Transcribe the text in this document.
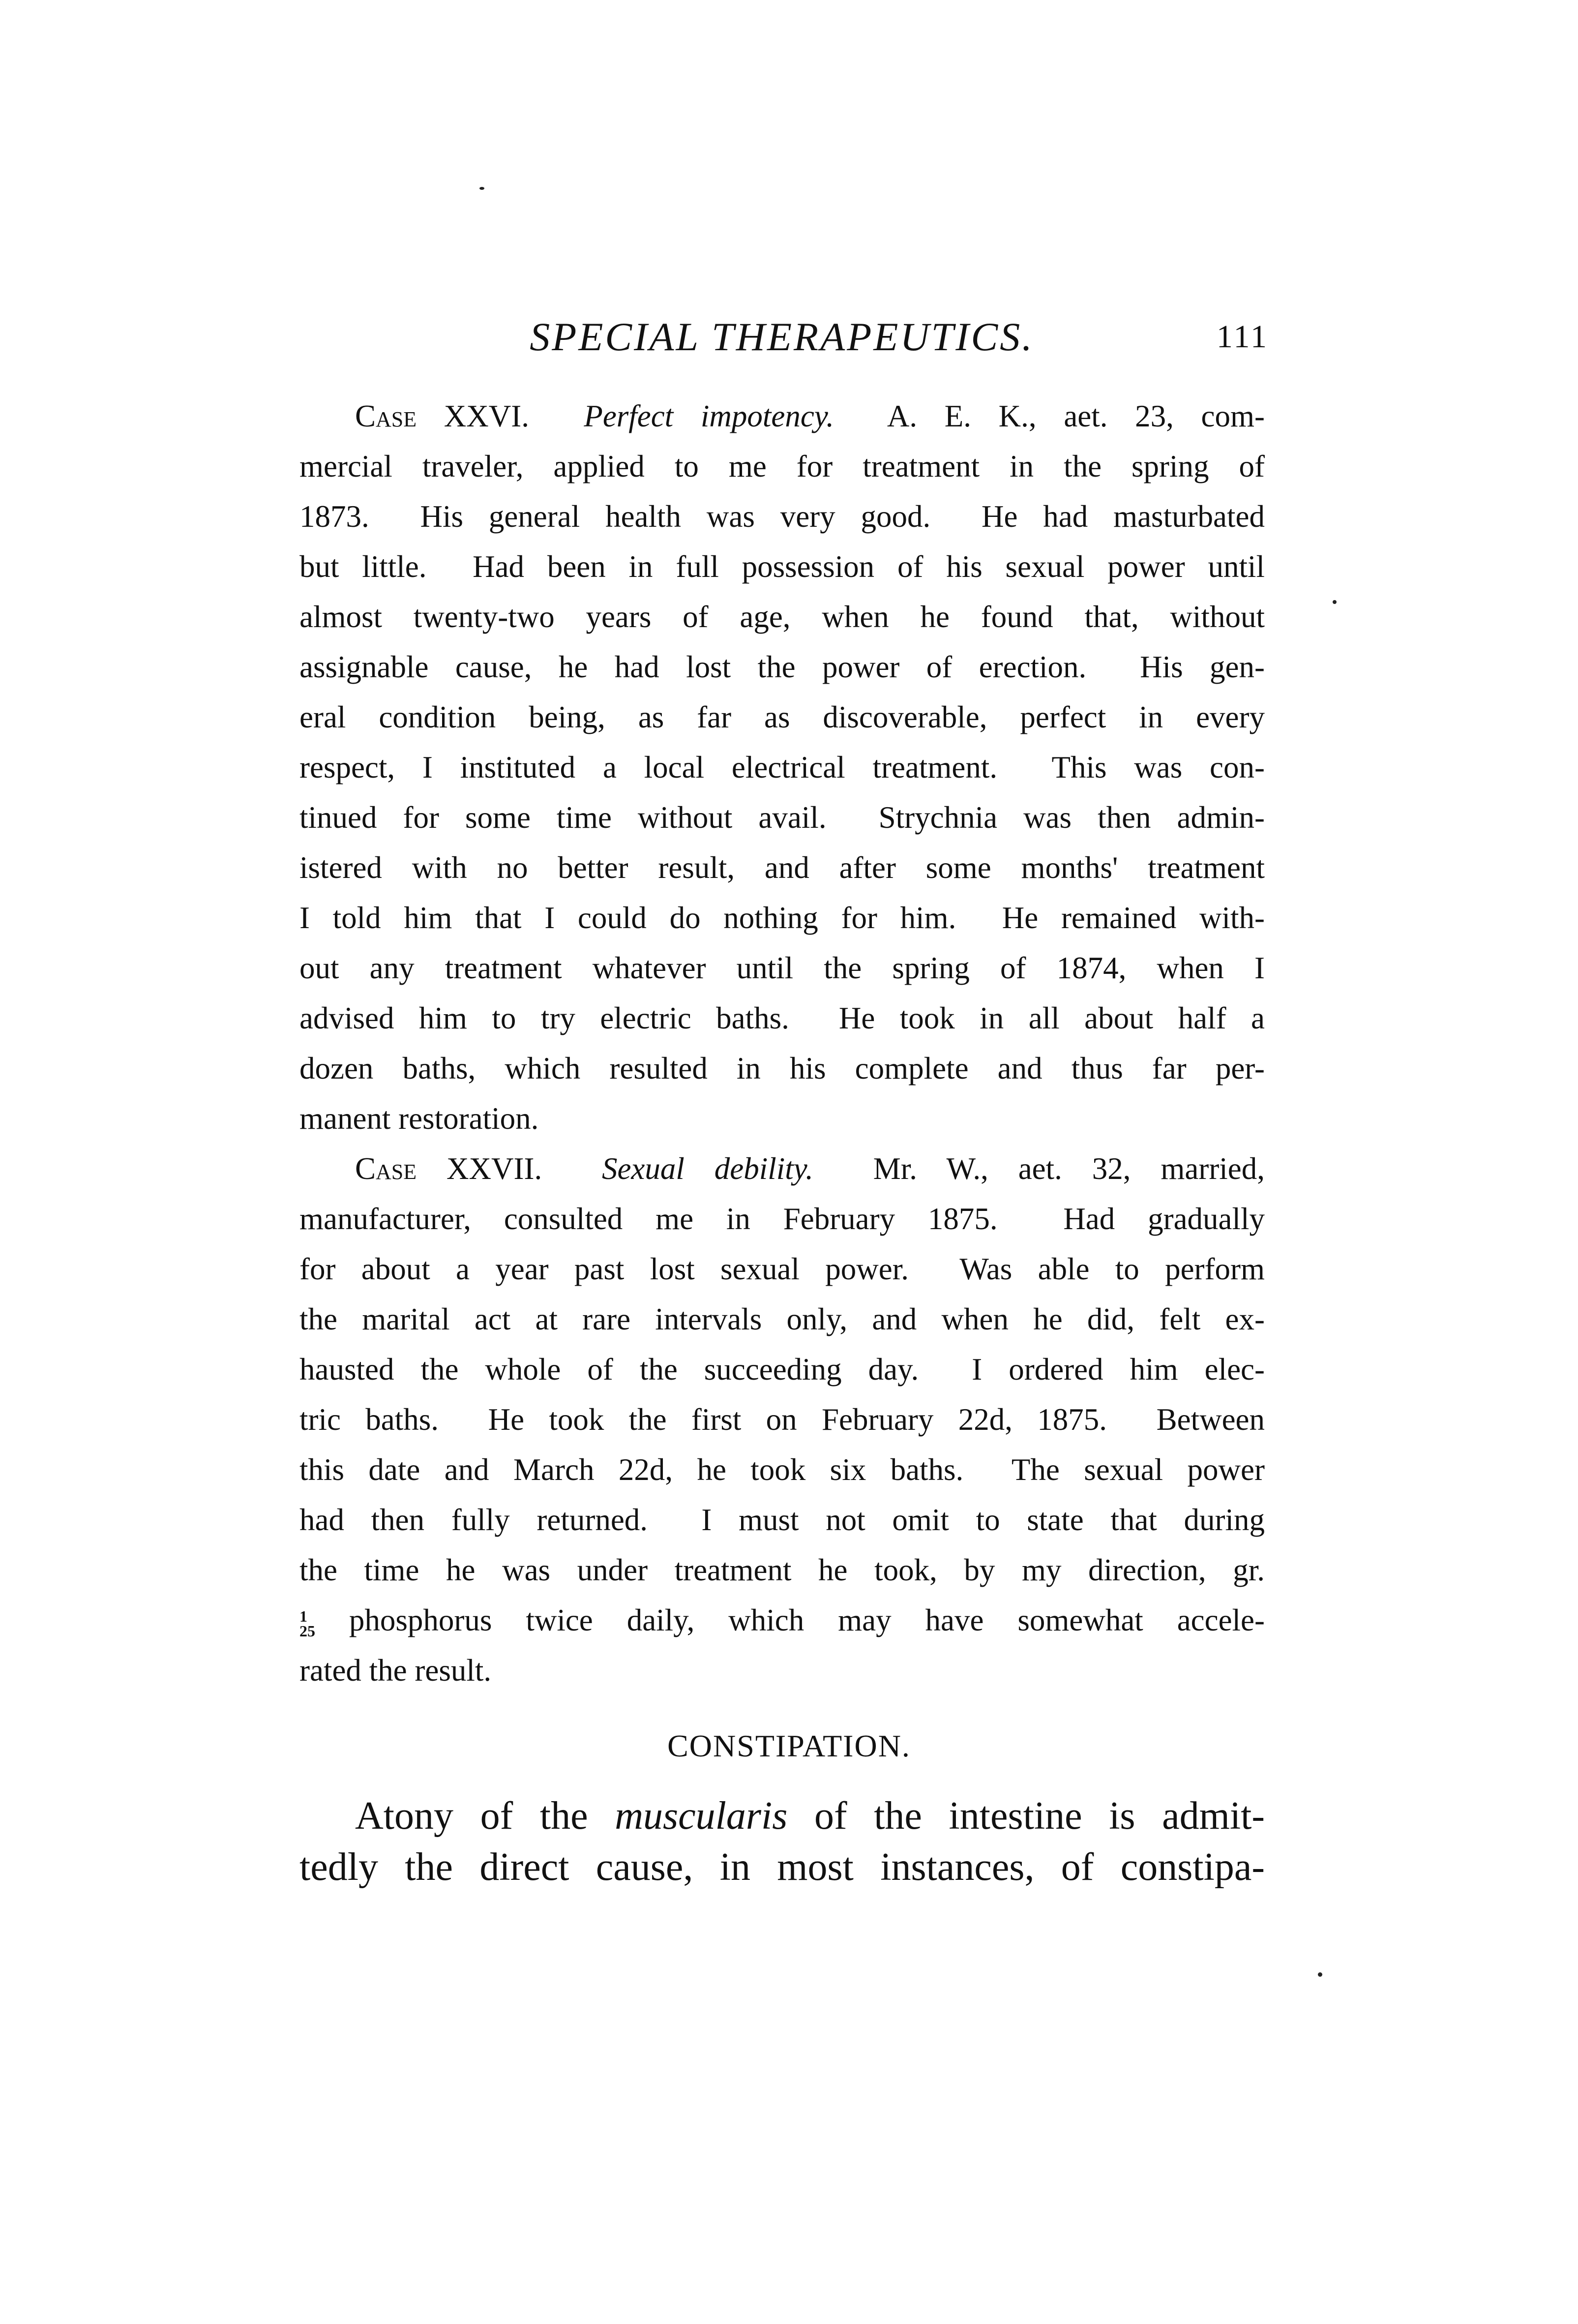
SPECIAL THERAPEUTICS.	111
Case XXVI.  Perfect impotency.  A. E. K., aet. 23, com-
mercial traveler, applied to me for treatment in the spring of
1873.  His general health was very good.  He had masturbated
but little.  Had been in full possession of his sexual power until
almost twenty-two years of age, when he found that, without
assignable cause, he had lost the power of erection.  His gen-
eral condition being, as far as discoverable, perfect in every
respect, I instituted a local electrical treatment.  This was con-
tinued for some time without avail.  Strychnia was then admin-
istered with no better result, and after some months' treatment
I told him that I could do nothing for him.  He remained with-
out any treatment whatever until the spring of 1874, when I
advised him to try electric baths.  He took in all about half a
dozen baths, which resulted in his complete and thus far per-
manent restoration.
Case XXVII.  Sexual debility.  Mr. W., aet. 32, married,
manufacturer, consulted me in February 1875.  Had gradually
for about a year past lost sexual power.  Was able to perform
the marital act at rare intervals only, and when he did, felt ex-
hausted the whole of the succeeding day.  I ordered him elec-
tric baths.  He took the first on February 22d, 1875.  Between
this date and March 22d, he took six baths.  The sexual power
had then fully returned.  I must not omit to state that during
the time he was under treatment he took, by my direction, gr.
1
25 phosphorus twice daily, which may have somewhat accele-
rated the result.
CONSTIPATION.
Atony of the muscularis of the intestine is admit-
tedly the direct cause, in most instances, of constipa-
